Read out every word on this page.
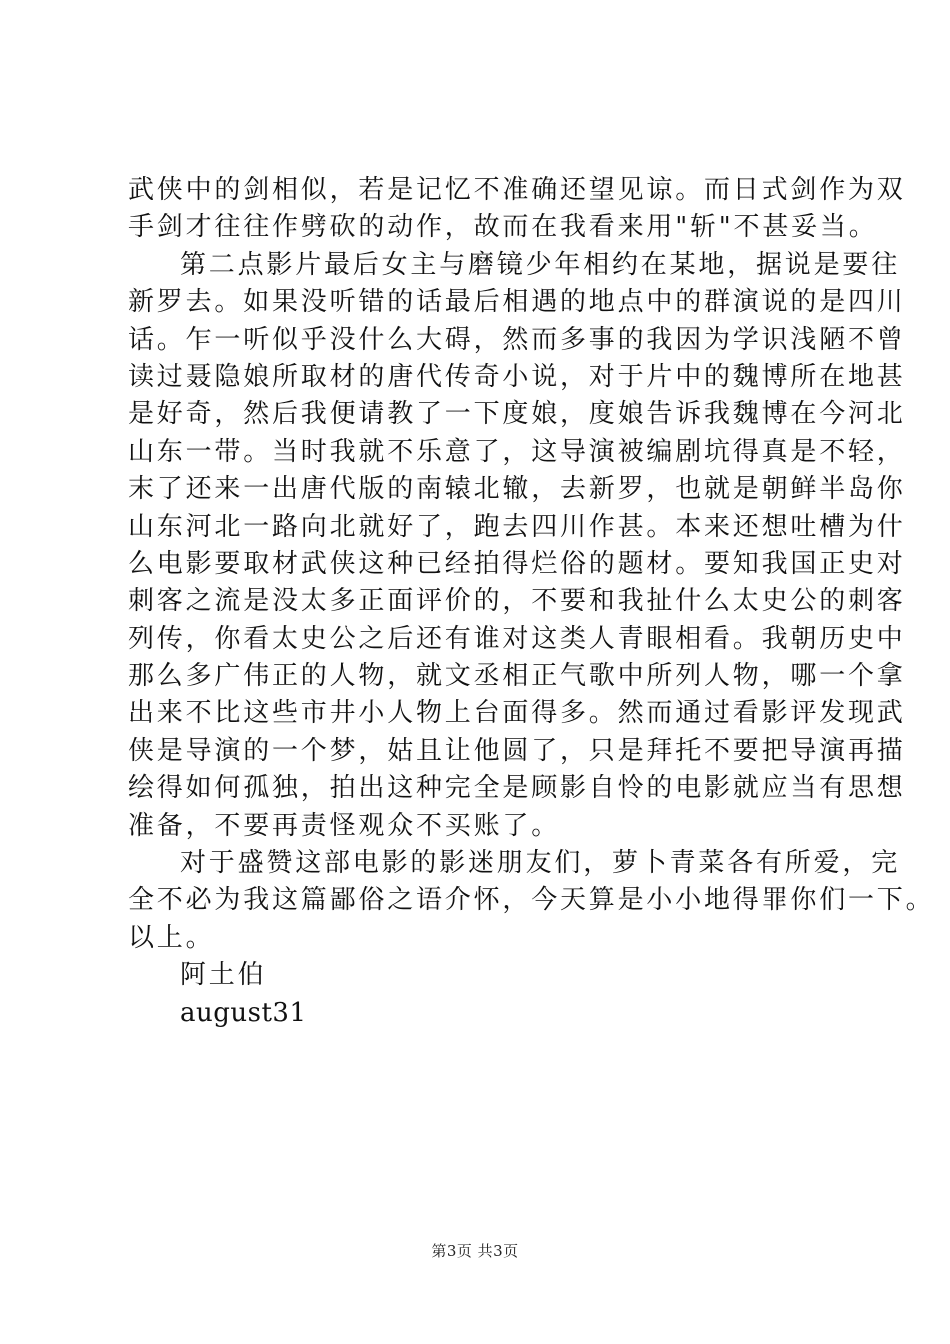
武侠中的剑相似，若是记忆不准确还望见谅。而日式剑作为双
手剑才往往作劈砍的动作，故而在我看来用"斩"不甚妥当。
第二点影片最后女主与磨镜少年相约在某地，据说是要往
新罗去。如果没听错的话最后相遇的地点中的群演说的是四川
话。乍一听似乎没什么大碍，然而多事的我因为学识浅陋不曾
读过聂隐娘所取材的唐代传奇小说，对于片中的魏博所在地甚
是好奇，然后我便请教了一下度娘，度娘告诉我魏博在今河北
山东一带。当时我就不乐意了，这导演被编剧坑得真是不轻，
末了还来一出唐代版的南辕北辙，去新罗，也就是朝鲜半岛你
山东河北一路向北就好了，跑去四川作甚。本来还想吐槽为什
么电影要取材武侠这种已经拍得烂俗的题材。要知我国正史对
刺客之流是没太多正面评价的，不要和我扯什么太史公的刺客
列传，你看太史公之后还有谁对这类人青眼相看。我朝历史中
那么多广伟正的人物，就文丞相正气歌中所列人物，哪一个拿
出来不比这些市井小人物上台面得多。然而通过看影评发现武
侠是导演的一个梦，姑且让他圆了，只是拜托不要把导演再描
绘得如何孤独，拍出这种完全是顾影自怜的电影就应当有思想
准备，不要再责怪观众不买账了。
对于盛赞这部电影的影迷朋友们，萝卜青菜各有所爱，完
全不必为我这篇鄙俗之语介怀，今天算是小小地得罪你们一下。
以上。
阿土伯
august31
第3页 共3页
